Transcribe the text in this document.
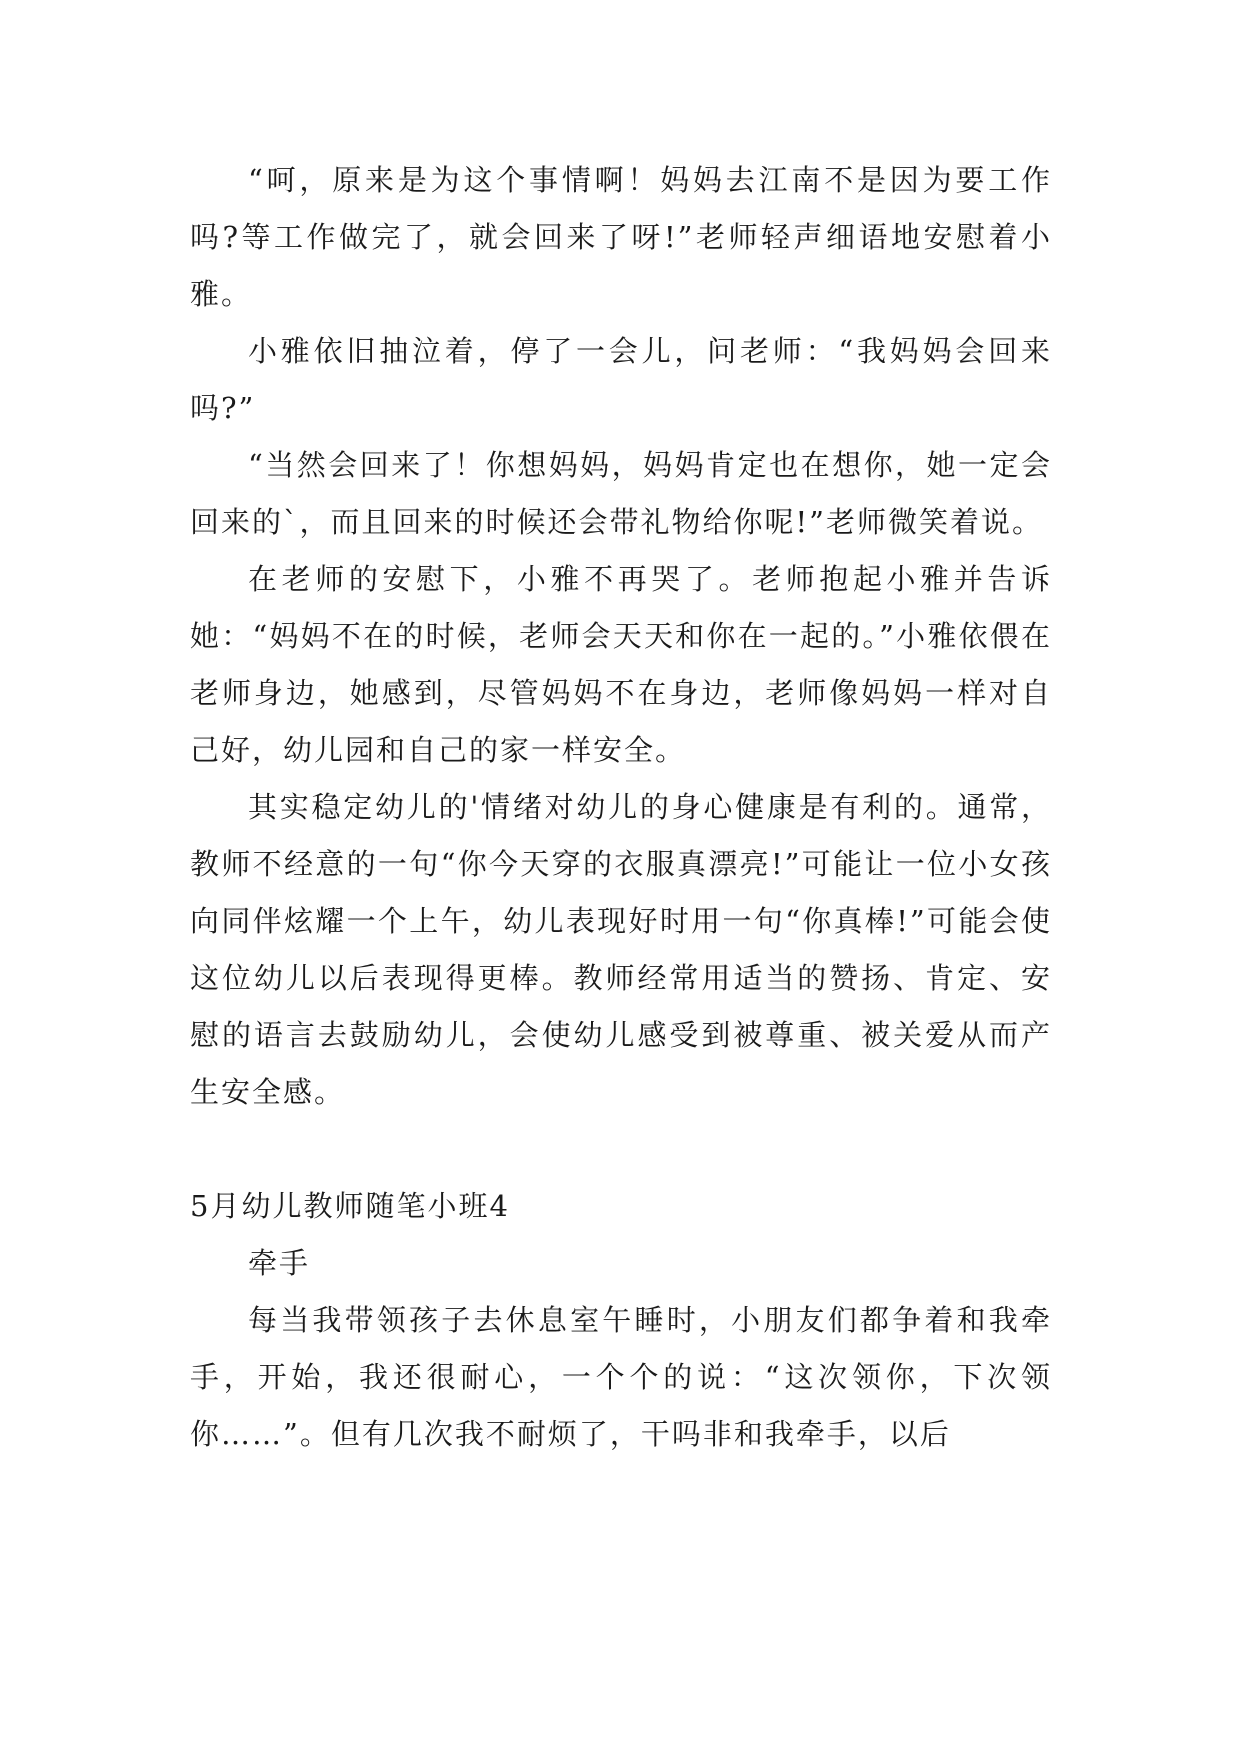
“呵，原来是为这个事情啊！妈妈去江南不是因为要工作吗?等工作做完了，就会回来了呀!”老师轻声细语地安慰着小雅。

小雅依旧抽泣着，停了一会儿，问老师：“我妈妈会回来吗?”

“当然会回来了！你想妈妈，妈妈肯定也在想你，她一定会回来的`，而且回来的时候还会带礼物给你呢!”老师微笑着说。

在老师的安慰下，小雅不再哭了。老师抱起小雅并告诉她：“妈妈不在的时候，老师会天天和你在一起的。”小雅依偎在老师身边，她感到，尽管妈妈不在身边，老师像妈妈一样对自己好，幼儿园和自己的家一样安全。

其实稳定幼儿的'情绪对幼儿的身心健康是有利的。通常，教师不经意的一句“你今天穿的衣服真漂亮!”可能让一位小女孩向同伴炫耀一个上午，幼儿表现好时用一句“你真棒!”可能会使这位幼儿以后表现得更棒。教师经常用适当的赞扬、肯定、安慰的语言去鼓励幼儿，会使幼儿感受到被尊重、被关爱从而产生安全感。

5月幼儿教师随笔小班4

牵手

每当我带领孩子去休息室午睡时，小朋友们都争着和我牵手，开始，我还很耐心，一个个的说：“这次领你，下次领你……”。但有几次我不耐烦了，干吗非和我牵手，以后
